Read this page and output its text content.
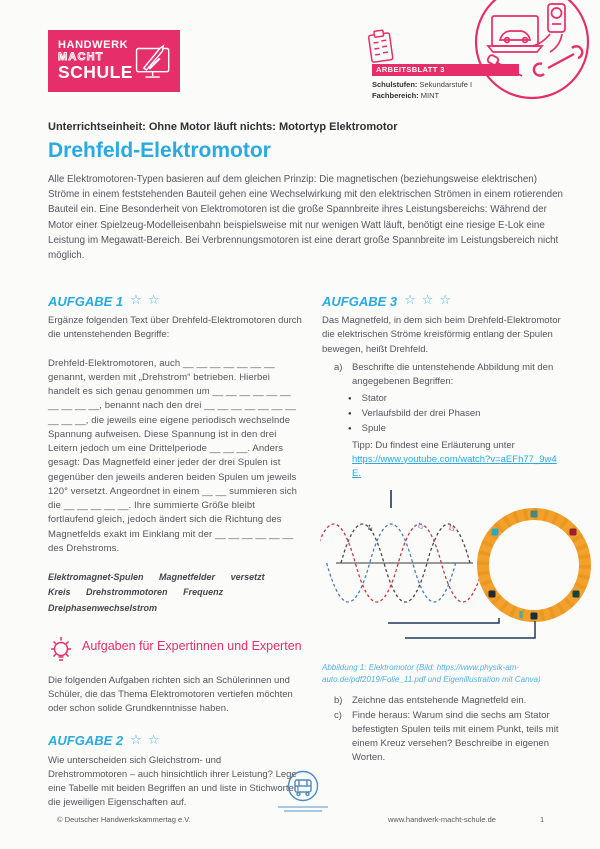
HANDWERK
MACHT
SCHULE	ARBEITSBLATT 3
Schulstufen: Sekundarstufe I
Fachbereich: MINT
Unterrichtseinheit: Ohne Motor läuft nichts: Motortyp Elektromotor
Drehfeld-Elektromotor
Alle Elektromotoren-Typen basieren auf dem gleichen Prinzip: Die magnetischen (beziehungsweise elektrischen) Ströme in einem feststehenden Bauteil gehen eine Wechselwirkung mit den elektrischen Strömen in einem rotierenden Bauteil ein. Eine Besonderheit von Elektromotoren ist die große Spannbreite ihres Leistungsbereichs: Während der Motor einer Spielzeug-Modelleisenbahn beispielsweise mit nur wenigen Watt läuft, benötigt eine riesige E-Lok eine Leistung im Megawatt-Bereich. Bei Verbrennungsmotoren ist eine derart große Spannbreite im Leistungsbereich nicht möglich.
AUFGABE 1 ☆☆

Ergänze folgenden Text über Drehfeld-Elektromotoren durch die untenstehenden Begriffe:

Drehfeld-Elektromotoren, auch __ __ __ __ __ __ __ genannt, werden mit „Drehstrom“ betrieben. Hierbei handelt es sich genau genommen um __ __ __ __ __ __ __ __ __ __, benannt nach den drei __ __ __ __ __ __ __ __ __ __, die jeweils eine eigene periodisch wechselnde Spannung aufweisen. Diese Spannung ist in den drei Leitern jedoch um eine Drittelperiode __ __ __. Anders gesagt: Das Magnetfeld einer jeder der drei Spulen ist gegenüber den jeweils anderen beiden Spulen um jeweils 120° versetzt. Angeordnet in einem __ __ summieren sich die __ __ __ __ __. Ihre summierte Größe bleibt fortlaufend gleich, jedoch ändert sich die Richtung des Magnetfelds exakt im Einklang mit der __ __ __ __ __ __ des Drehstroms.

Elektromagnet-Spulen Magnetfelder versetzt Kreis Drehstrommotoren Frequenz Dreiphasenwechselstrom
Aufgaben für Expertinnen und Experten

Die folgenden Aufgaben richten sich an Schülerinnen und Schüler, die das Thema Elektromotoren vertiefen möchten oder schon solide Grundkenntnisse haben.

AUFGABE 2 ☆☆

Wie unterscheiden sich Gleichstrom- und Drehstrommotoren – auch hinsichtlich ihrer Leistung? Lege eine Tabelle mit beiden Begriffen an und liste in Stichworten die jeweiligen Eigenschaften auf.

AUFGABE 3 ☆☆☆

Das Magnetfeld, in dem sich beim Drehfeld-Elektromotor die elektrischen Ströme kreisförmig entlang der Spulen bewegen, heißt Drehfeld.

a)	Beschrifte die untenstehende Abbildung mit den angegebenen Begriffen:
● Stator
● Verlaufsbild der drei Phasen
● Spule
Tipp: Du findest eine Erläuterung unter
https://www.youtube.com/watch?v=aEFh77_9w4E.
t₁	t₂	t₃
Abbildung 1: Elektromotor (Bild: https://www.physik-am-auto.de/pdf2019/Folie_11.pdf und Eigenillustration mit Canva)
b)	Zeichne das entstehende Magnetfeld ein.
c)	Finde heraus: Warum sind die sechs am Stator befestigten Spulen teils mit einem Punkt, teils mit einem Kreuz versehen? Beschreibe in eigenen Worten.
© Deutscher Handwerkskammertag e.V.	www.handwerk-macht-schule.de	1
